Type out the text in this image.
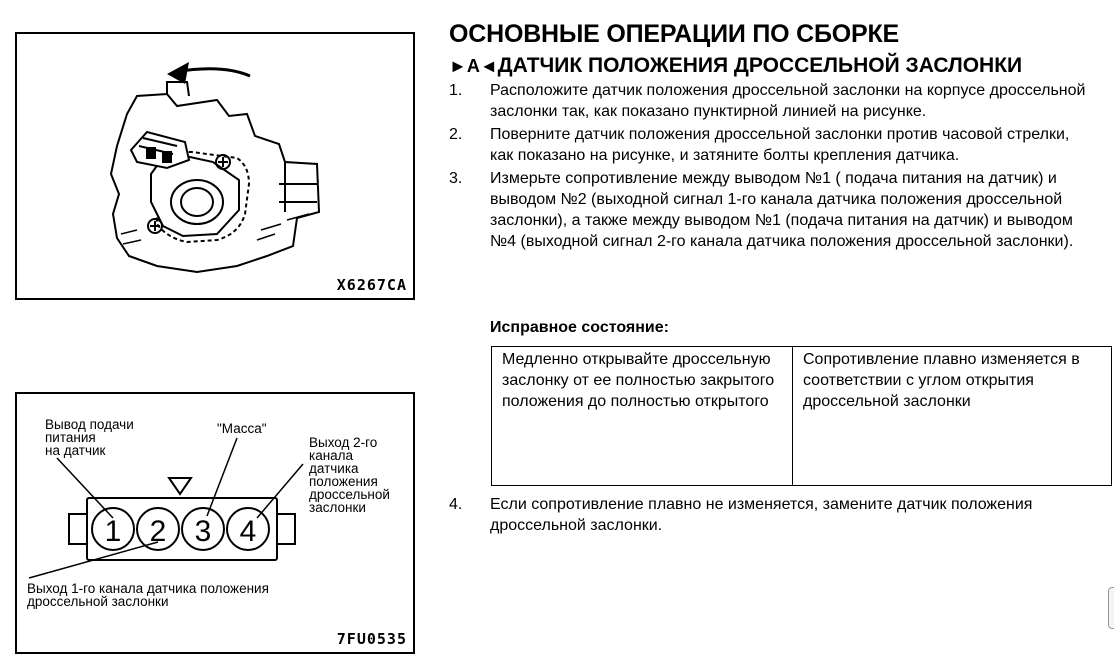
X6267CA
1 2 3 4
Вывод подачи
питания
на датчик
"Масса"
Выход 2-го
канала
датчика
положения
дроссельной
заслонки
Выход 1-го канала датчика положения
дроссельной заслонки
7FU0535
ОСНОВНЫЕ ОПЕРАЦИИ ПО СБОРКЕ
►A◄ДАТЧИК ПОЛОЖЕНИЯ ДРОССЕЛЬНОЙ ЗАСЛОНКИ

1. Расположите датчик положения дроссельной заслонки на корпусе дроссельной заслонки так, как показано пунктирной линией на рисунке.

2. Поверните датчик положения дроссельной заслонки против часовой стрелки, как показано на рисунке, и затяните болты крепления датчика.

3. Измерьте сопротивление между выводом №1 ( подача питания на датчик) и выводом №2 (выходной сигнал 1-го канала датчика положения дроссельной заслонки), а также между выводом №1 (подача питания на датчик) и выводом №4 (выходной сигнал 2-го канала датчика положения дроссельной заслонки).

Исправное состояние:
Медленно открывайте дроссельную заслонку от ее полностью закрытого положения до полностью открытого	Сопротивление плавно изменяется в соответствии с углом открытия дроссельной заслонки

4. Если сопротивление плавно не изменяется, замените датчик положения дроссельной заслонки.
